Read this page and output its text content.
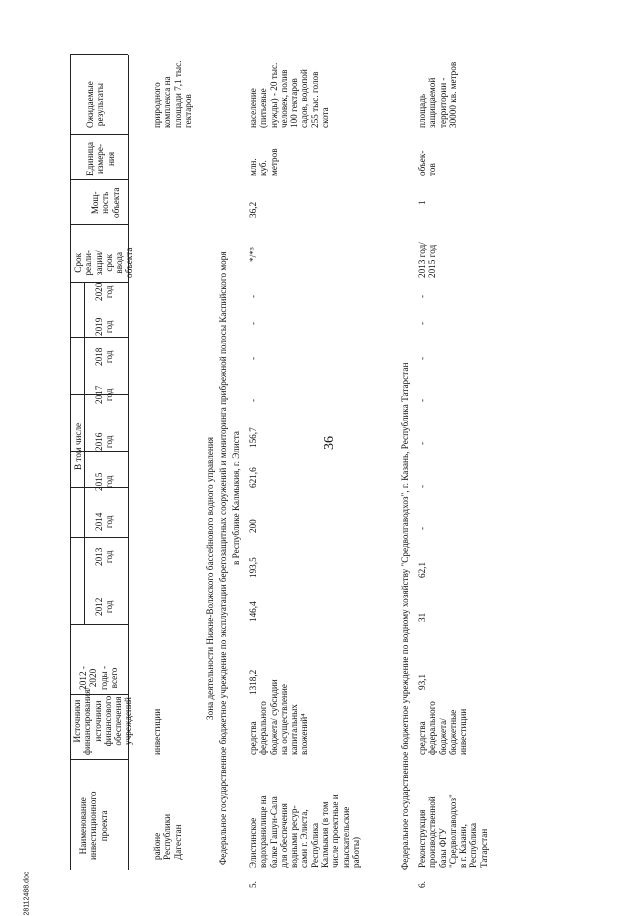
36
28112488.doc
Наименование
инвестиционного
проекта
Источники
финансирования/
источники
финансового
обеспечения
учреждений
2012 -
2020
годы -
всего
В том числе
2012
год
2013
год
2014
год
2015
год
2016
год
2017
год
2018
год
2019
год
2020
год
Срок
реали-
зации/
срок
ввода
объекта
Мощ-
ность
объекта
Единица
измере-
ния
Ожидаемые
результаты
районе
Республики
Дагестан
инвестиции
природного
комплекса на
площади 7,1 тыс.
гектаров
Зона деятельности Нижне-Волжского бассейнового водного управления Федеральное государственное бюджетное учреждение по эксплуатации берегозащитных сооружений и мониторинга прибрежной полосы Каспийского моря в Республике Калмыкия, г. Элиста
5.
Элистинское
водохранилище на
балке Гашун-Сала
для обеспечения
водными ресур-
сами г. Элиста,
Республика
Калмыкия (в том
числе проектные и
изыскательские
работы)
средства
федерального
бюджета/ субсидии
на осуществление
капитальных
вложений⁴
1318,2
146,4
193,5
200
621,6
156,7
-
-
-
-
*/*⁵
36,2
млн.
куб.
метров
население
(питьевые
нужды) - 20 тыс.
человек, полив
100 гектаров
садов, водопой
255 тыс. голов
скота
Федеральное государственное бюджетное учреждение по водному хозяйству "Средволгаводхоз", г. Казань, Республика Татарстан
6.
Реконструкция
производственной
базы ФГУ
"Средволгаводхоз"
в г. Казани,
Республика
Татарстан
средства
федерального
бюджета/
бюджетные
инвестиции
93,1
31
62,1
-
-
-
-
-
-
-
2013 год/
2015 год
1
объек-
тов
площадь
защищаемой
территории -
30000 кв. метров
